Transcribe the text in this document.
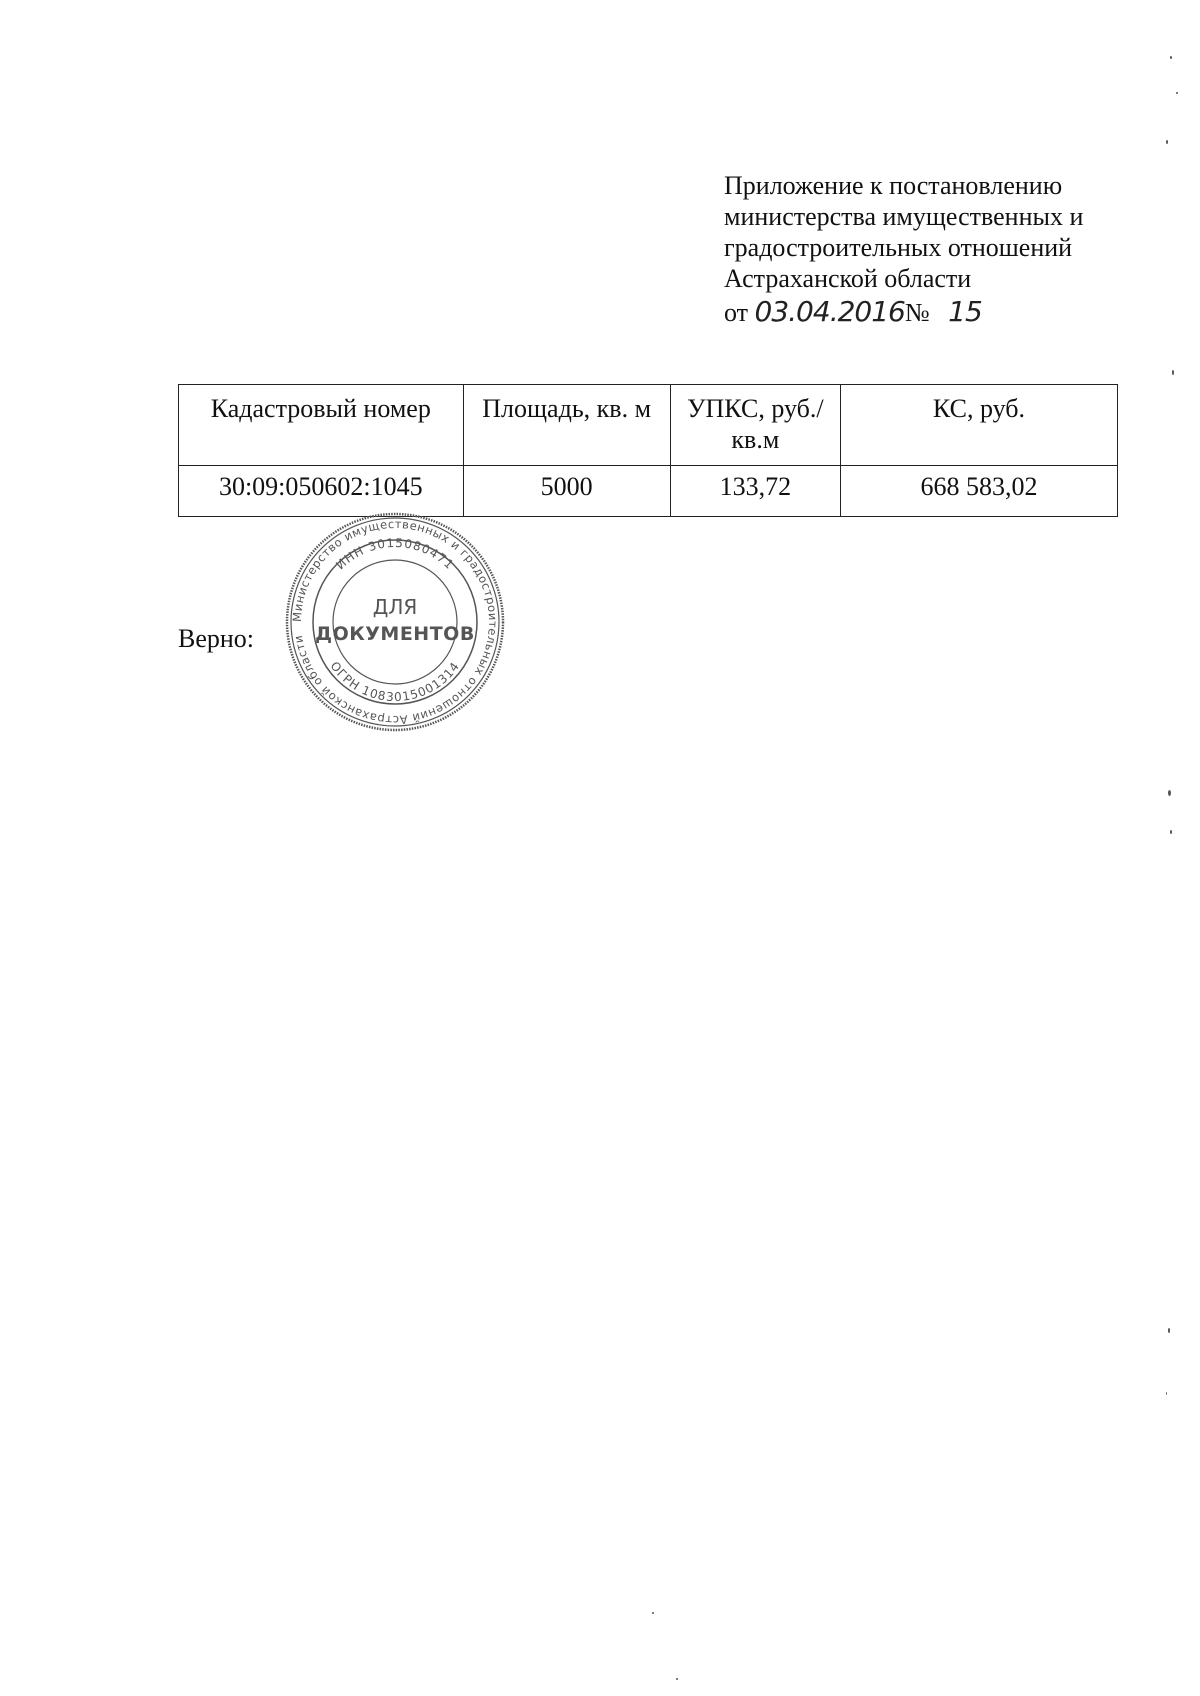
Приложение к постановлению
министерства имущественных и
градостроительных отношений
Астраханской области
от 03.04.2016№ 15
Кадастровый номер	Площадь, кв. м	УПКС, руб./кв.м	КС, руб.
30:09:050602:1045	5000	133,72	668 583,02
Верно:
Министерство имущественных и градостроительных отношений Астраханской области
ИНН 3015080471
ОГРН 1083015001314
ДЛЯ
ДОКУМЕНТОВ
